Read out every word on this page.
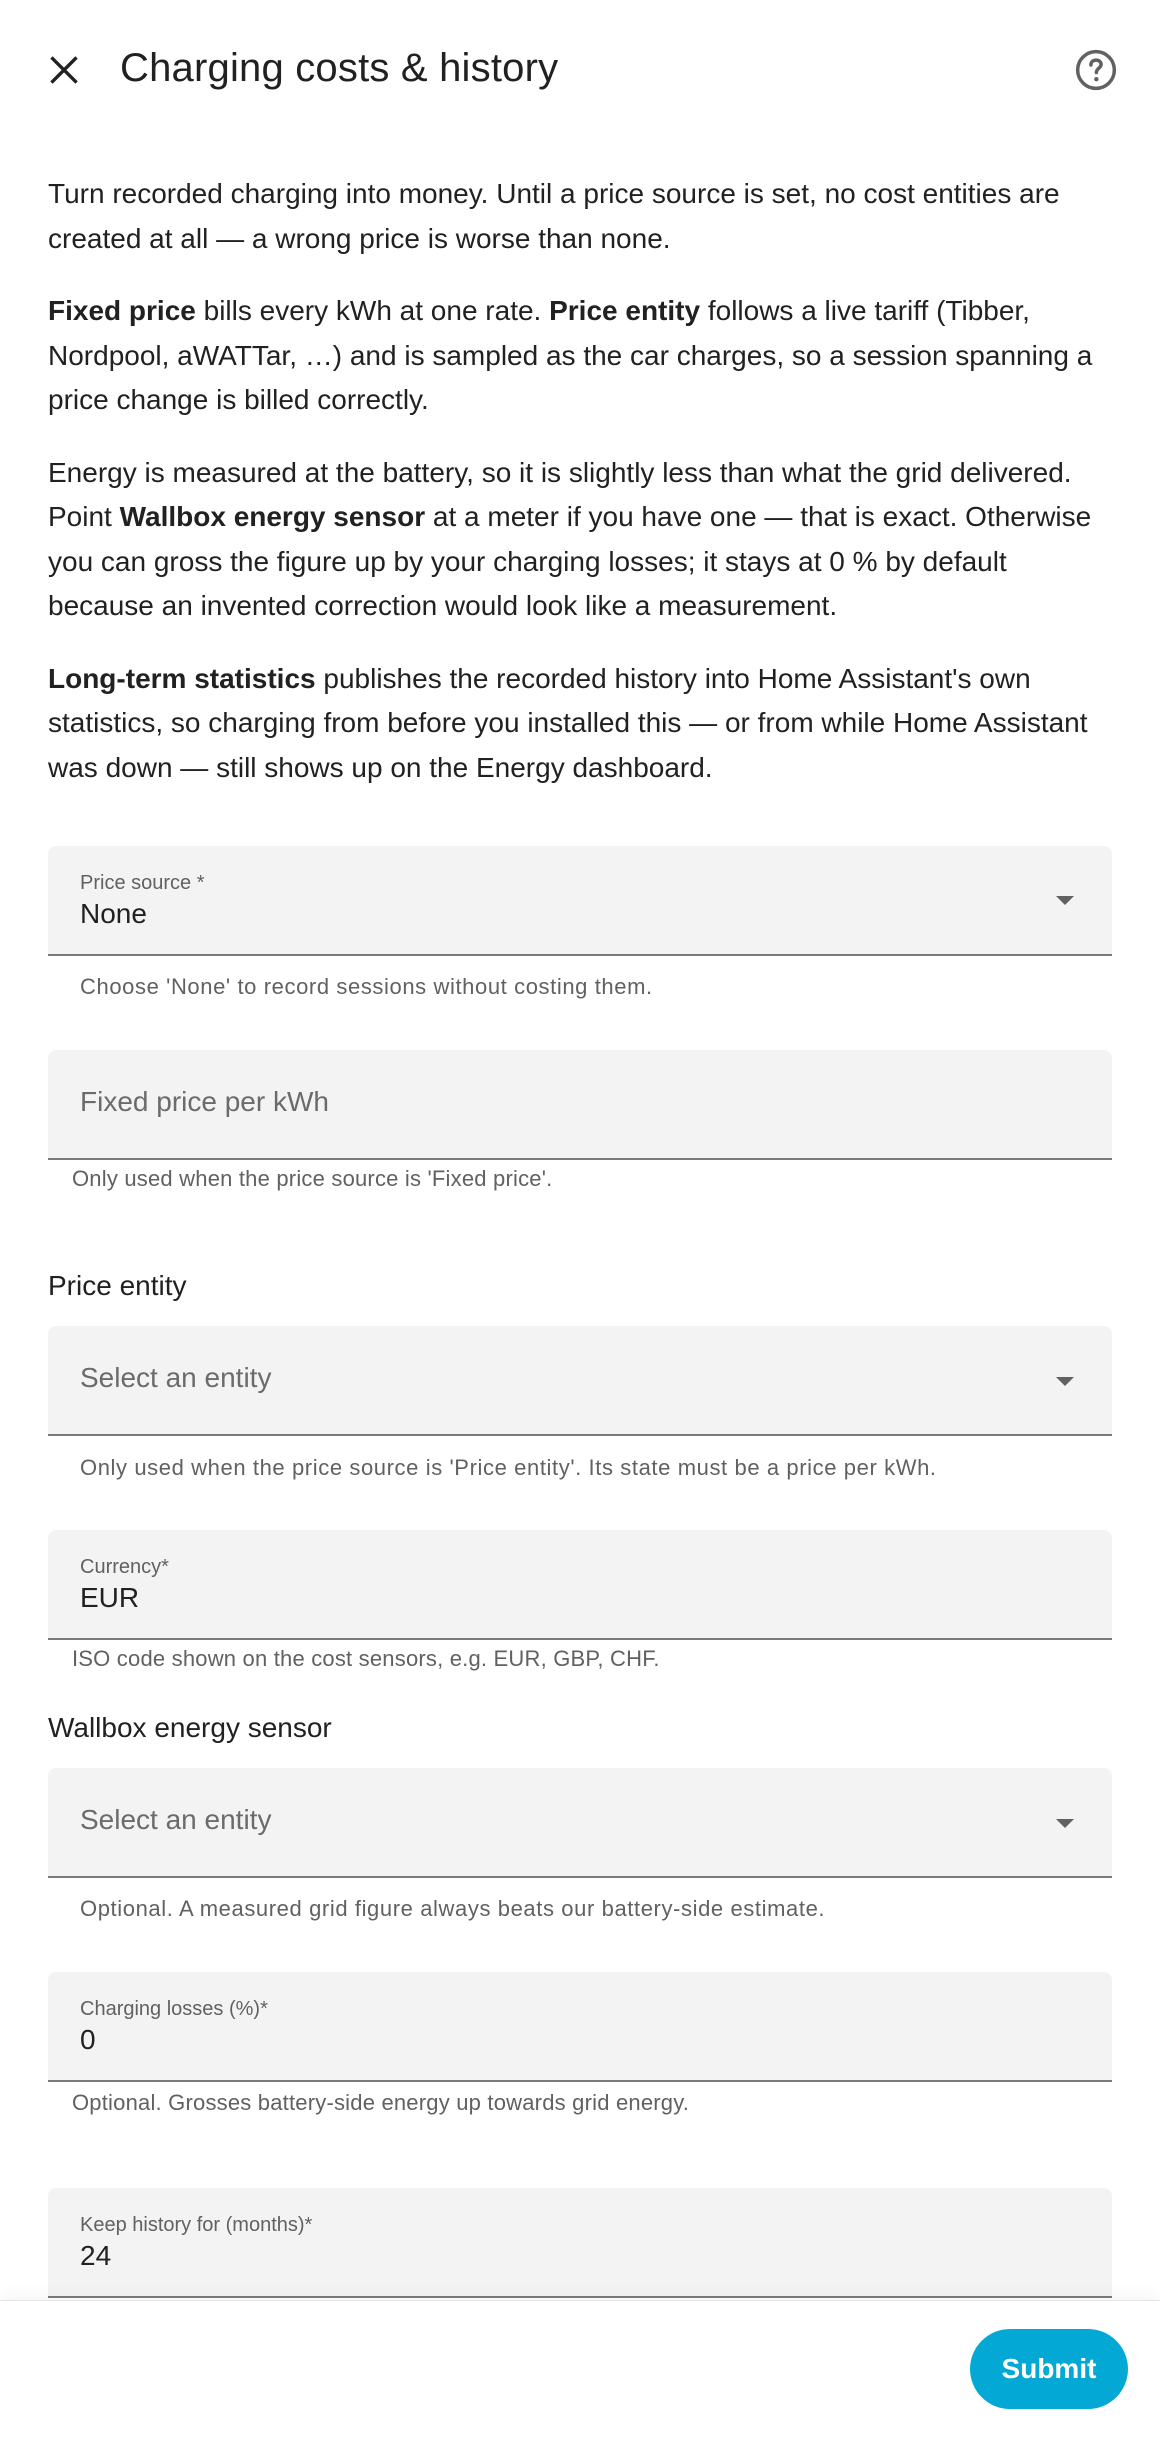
Charging costs & history

Turn recorded charging into money. Until a price source is set, no cost entities are created at all — a wrong price is worse than none.

Fixed price bills every kWh at one rate. Price entity follows a live tariff (Tibber, Nordpool, aWATTar, …) and is sampled as the car charges, so a session spanning a price change is billed correctly.

Energy is measured at the battery, so it is slightly less than what the grid delivered. Point Wallbox energy sensor at a meter if you have one — that is exact. Otherwise you can gross the figure up by your charging losses; it stays at 0 % by default because an invented correction would look like a measurement.

Long-term statistics publishes the recorded history into Home Assistant's own statistics, so charging from before you installed this — or from while Home Assistant was down — still shows up on the Energy dashboard.

Price source *
None
Choose 'None' to record sessions without costing them.
Fixed price per kWh
Only used when the price source is 'Fixed price'.
Price entity
Select an entity
Only used when the price source is 'Price entity'. Its state must be a price per kWh.
Currency*
EUR
ISO code shown on the cost sensors, e.g. EUR, GBP, CHF.
Wallbox energy sensor
Select an entity
Optional. A measured grid figure always beats our battery-side estimate.
Charging losses (%)*
0
Optional. Grosses battery-side energy up towards grid energy.
Keep history for (months)*
24
Submit
